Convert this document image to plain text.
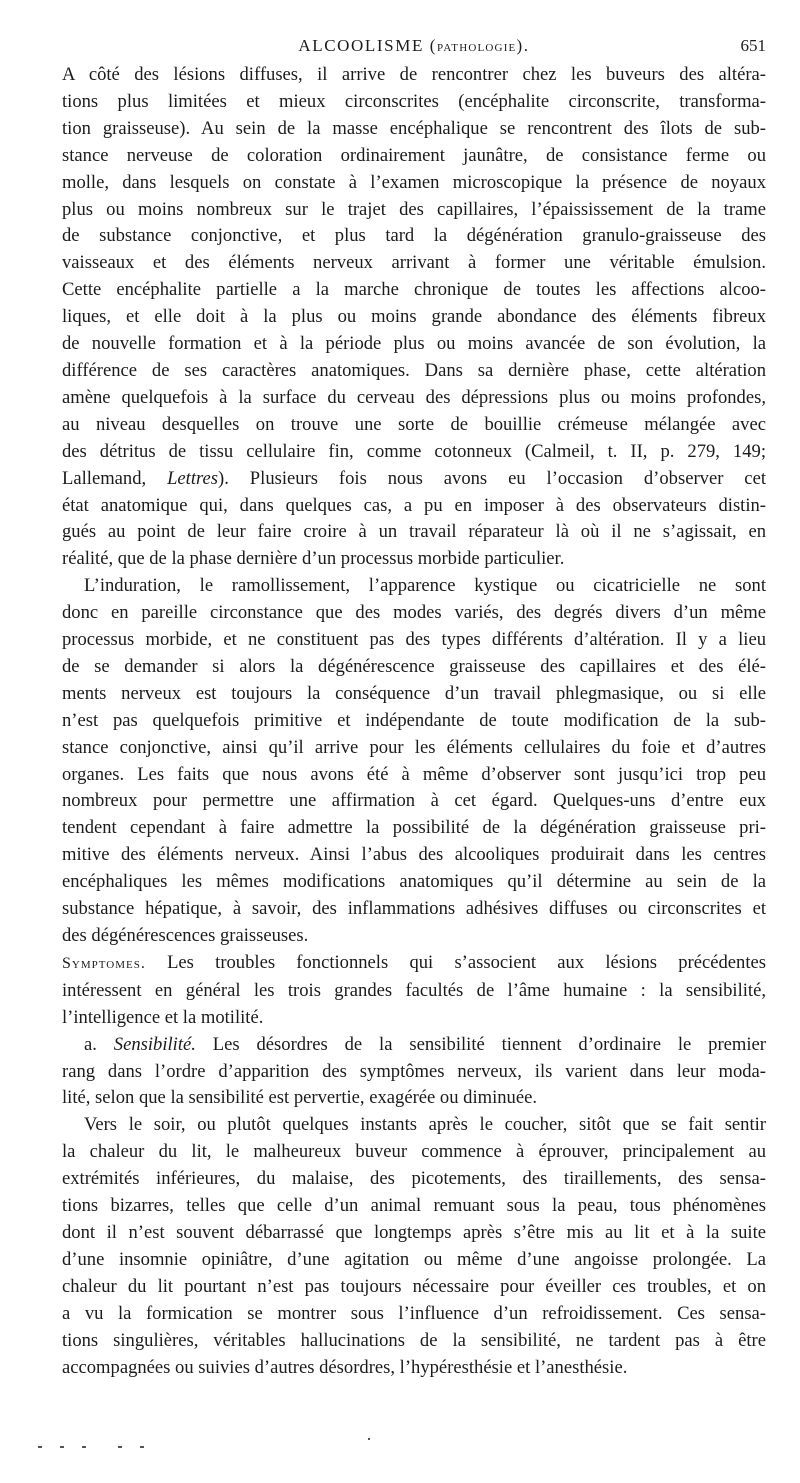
ALCOOLISME (PATHOLOGIE).	651
A côté des lésions diffuses, il arrive de rencontrer chez les buveurs des altéra-
tions plus limitées et mieux circonscrites (encéphalite circonscrite, transforma-
tion graisseuse). Au sein de la masse encéphalique se rencontrent des îlots de sub-
stance nerveuse de coloration ordinairement jaunâtre, de consistance ferme ou
molle, dans lesquels on constate à l’examen microscopique la présence de noyaux
plus ou moins nombreux sur le trajet des capillaires, l’épaississement de la trame
de substance conjonctive, et plus tard la dégénération granulo-graisseuse des
vaisseaux et des éléments nerveux arrivant à former une véritable émulsion.
Cette encéphalite partielle a la marche chronique de toutes les affections alcoo-
liques, et elle doit à la plus ou moins grande abondance des éléments fibreux
de nouvelle formation et à la période plus ou moins avancée de son évolution, la
différence de ses caractères anatomiques. Dans sa dernière phase, cette altération
amène quelquefois à la surface du cerveau des dépressions plus ou moins profondes,
au niveau desquelles on trouve une sorte de bouillie crémeuse mélangée avec
des détritus de tissu cellulaire fin, comme cotonneux (Calmeil, t. II, p. 279, 149;
Lallemand, Lettres). Plusieurs fois nous avons eu l’occasion d’observer cet
état anatomique qui, dans quelques cas, a pu en imposer à des observateurs distin-
gués au point de leur faire croire à un travail réparateur là où il ne s’agissait, en
réalité, que de la phase dernière d’un processus morbide particulier.
L’induration, le ramollissement, l’apparence kystique ou cicatricielle ne sont
donc en pareille circonstance que des modes variés, des degrés divers d’un même
processus morbide, et ne constituent pas des types différents d’altération. Il y a lieu
de se demander si alors la dégénérescence graisseuse des capillaires et des élé-
ments nerveux est toujours la conséquence d’un travail phlegmasique, ou si elle
n’est pas quelquefois primitive et indépendante de toute modification de la sub-
stance conjonctive, ainsi qu’il arrive pour les éléments cellulaires du foie et d’autres
organes. Les faits que nous avons été à même d’observer sont jusqu’ici trop peu
nombreux pour permettre une affirmation à cet égard. Quelques-uns d’entre eux
tendent cependant à faire admettre la possibilité de la dégénération graisseuse pri-
mitive des éléments nerveux. Ainsi l’abus des alcooliques produirait dans les centres
encéphaliques les mêmes modifications anatomiques qu’il détermine au sein de la
substance hépatique, à savoir, des inflammations adhésives diffuses ou circonscrites et
des dégénérescences graisseuses.
Symptomes. Les troubles fonctionnels qui s’associent aux lésions précédentes
intéressent en général les trois grandes facultés de l’âme humaine : la sensibilité,
l’intelligence et la motilité.
a. Sensibilité. Les désordres de la sensibilité tiennent d’ordinaire le premier
rang dans l’ordre d’apparition des symptômes nerveux, ils varient dans leur moda-
lité, selon que la sensibilité est pervertie, exagérée ou diminuée.
Vers le soir, ou plutôt quelques instants après le coucher, sitôt que se fait sentir
la chaleur du lit, le malheureux buveur commence à éprouver, principalement au
extrémités inférieures, du malaise, des picotements, des tiraillements, des sensa-
tions bizarres, telles que celle d’un animal remuant sous la peau, tous phénomènes
dont il n’est souvent débarrassé que longtemps après s’être mis au lit et à la suite
d’une insomnie opiniâtre, d’une agitation ou même d’une angoisse prolongée. La
chaleur du lit pourtant n’est pas toujours nécessaire pour éveiller ces troubles, et on
a vu la formication se montrer sous l’influence d’un refroidissement. Ces sensa-
tions singulières, véritables hallucinations de la sensibilité, ne tardent pas à être
accompagnées ou suivies d’autres désordres, l’hypéresthésie et l’anesthésie.
